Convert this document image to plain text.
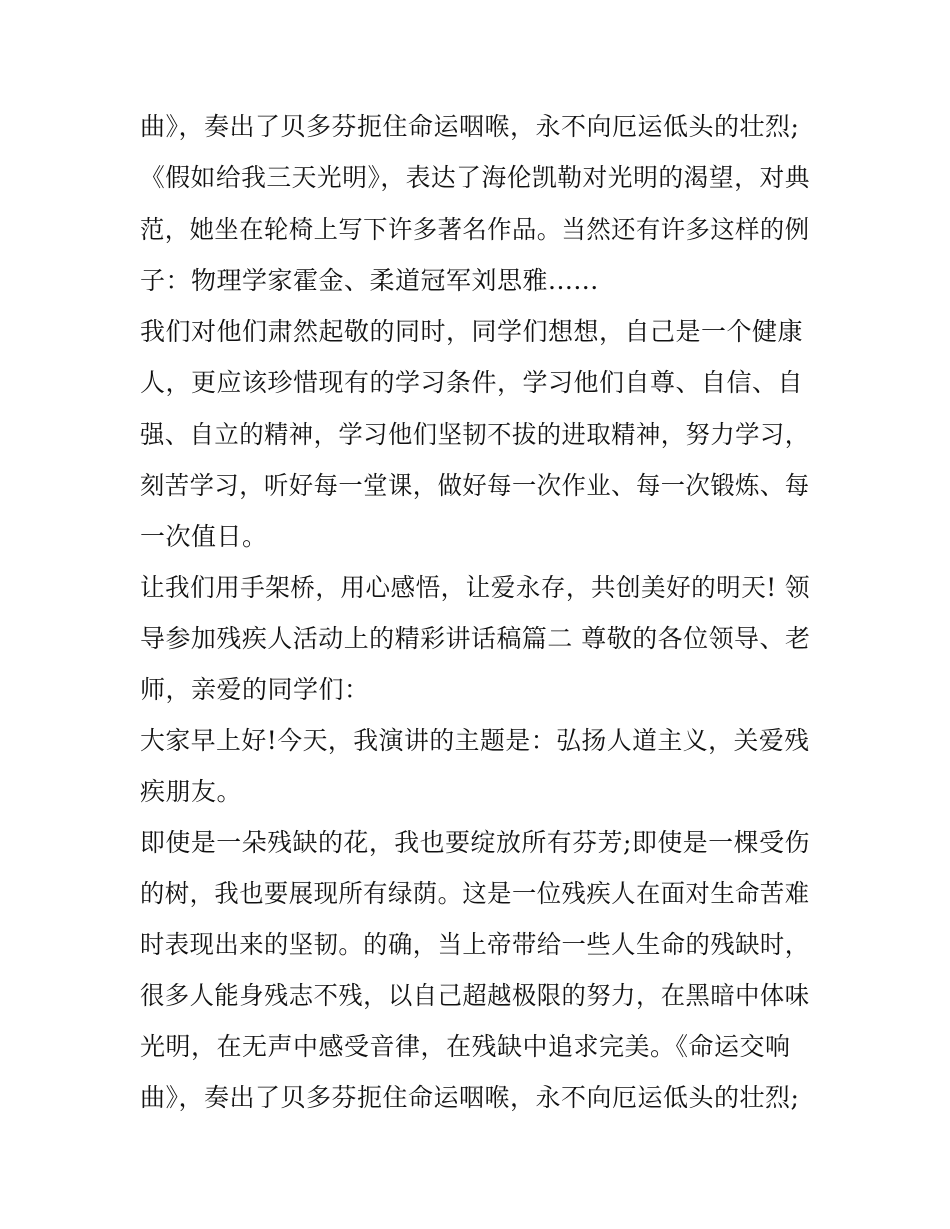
曲》，奏出了贝多芬扼住命运咽喉，永不向厄运低头的壮烈;

《假如给我三天光明》，表达了海伦凯勒对光明的渴望，对典

范，她坐在轮椅上写下许多著名作品。当然还有许多这样的例

子：物理学家霍金、柔道冠军刘思雅......

我们对他们肃然起敬的同时，同学们想想，自己是一个健康

人，更应该珍惜现有的学习条件，学习他们自尊、自信、自

强、自立的精神，学习他们坚韧不拔的进取精神，努力学习，

刻苦学习，听好每一堂课，做好每一次作业、每一次锻炼、每

一次值日。

让我们用手架桥，用心感悟，让爱永存，共创美好的明天! 领

导参加残疾人活动上的精彩讲话稿篇二 尊敬的各位领导、老

师，亲爱的同学们：

大家早上好!今天，我演讲的主题是：弘扬人道主义，关爱残

疾朋友。

即使是一朵残缺的花，我也要绽放所有芬芳;即使是一棵受伤

的树，我也要展现所有绿荫。这是一位残疾人在面对生命苦难

时表现出来的坚韧。的确，当上帝带给一些人生命的残缺时，

很多人能身残志不残，以自己超越极限的努力，在黑暗中体味

光明，在无声中感受音律，在残缺中追求完美。《命运交响

曲》，奏出了贝多芬扼住命运咽喉，永不向厄运低头的壮烈;
